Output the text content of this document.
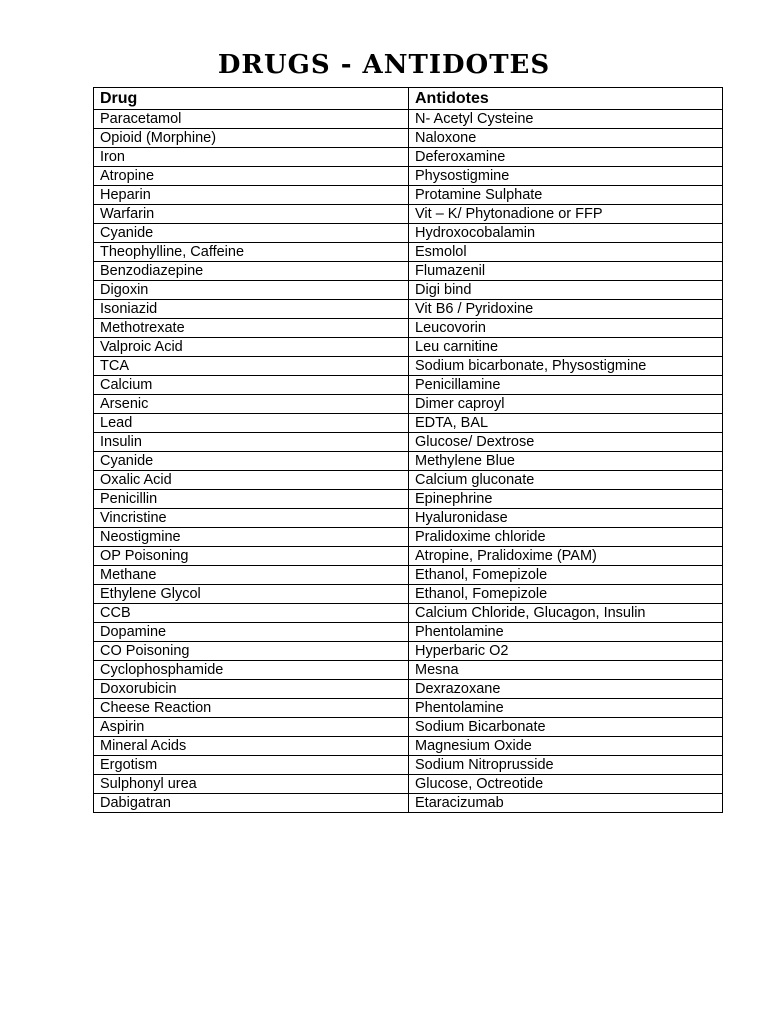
DRUGS - ANTIDOTES
Drug	Antidotes
Paracetamol	N- Acetyl Cysteine
Opioid (Morphine)	Naloxone
Iron	Deferoxamine
Atropine	Physostigmine
Heparin	Protamine Sulphate
Warfarin	Vit – K/ Phytonadione or FFP
Cyanide	Hydroxocobalamin
Theophylline, Caffeine	Esmolol
Benzodiazepine	Flumazenil
Digoxin	Digi bind
Isoniazid	Vit B6 / Pyridoxine
Methotrexate	Leucovorin
Valproic Acid	Leu carnitine
TCA	Sodium bicarbonate, Physostigmine
Calcium	Penicillamine
Arsenic	Dimer caproyl
Lead	EDTA, BAL
Insulin	Glucose/ Dextrose
Cyanide	Methylene Blue
Oxalic Acid	Calcium gluconate
Penicillin	Epinephrine
Vincristine	Hyaluronidase
Neostigmine	Pralidoxime chloride
OP Poisoning	Atropine, Pralidoxime (PAM)
Methane	Ethanol, Fomepizole
Ethylene Glycol	Ethanol, Fomepizole
CCB	Calcium Chloride, Glucagon, Insulin
Dopamine	Phentolamine
CO Poisoning	Hyperbaric O2
Cyclophosphamide	Mesna
Doxorubicin	Dexrazoxane
Cheese Reaction	Phentolamine
Aspirin	Sodium Bicarbonate
Mineral Acids	Magnesium Oxide
Ergotism	Sodium Nitroprusside
Sulphonyl urea	Glucose, Octreotide
Dabigatran	Etaracizumab
